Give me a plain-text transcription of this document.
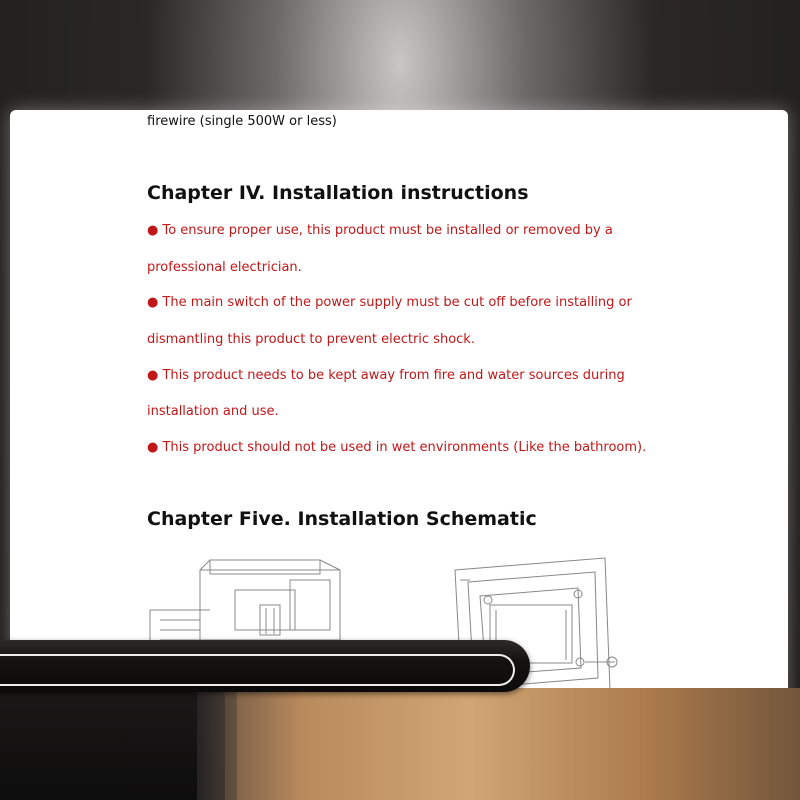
firewire (single 500W or less)
Chapter IV. Installation instructions
● To ensure proper use, this product must be installed or removed by a
professional electrician.
● The main switch of the power supply must be cut off before installing or
dismantling this product to prevent electric shock.
● This product needs to be kept away from fire and water sources during
installation and use.
● This product should not be used in wet environments (Like the bathroom).
Chapter Five. Installation Schematic
